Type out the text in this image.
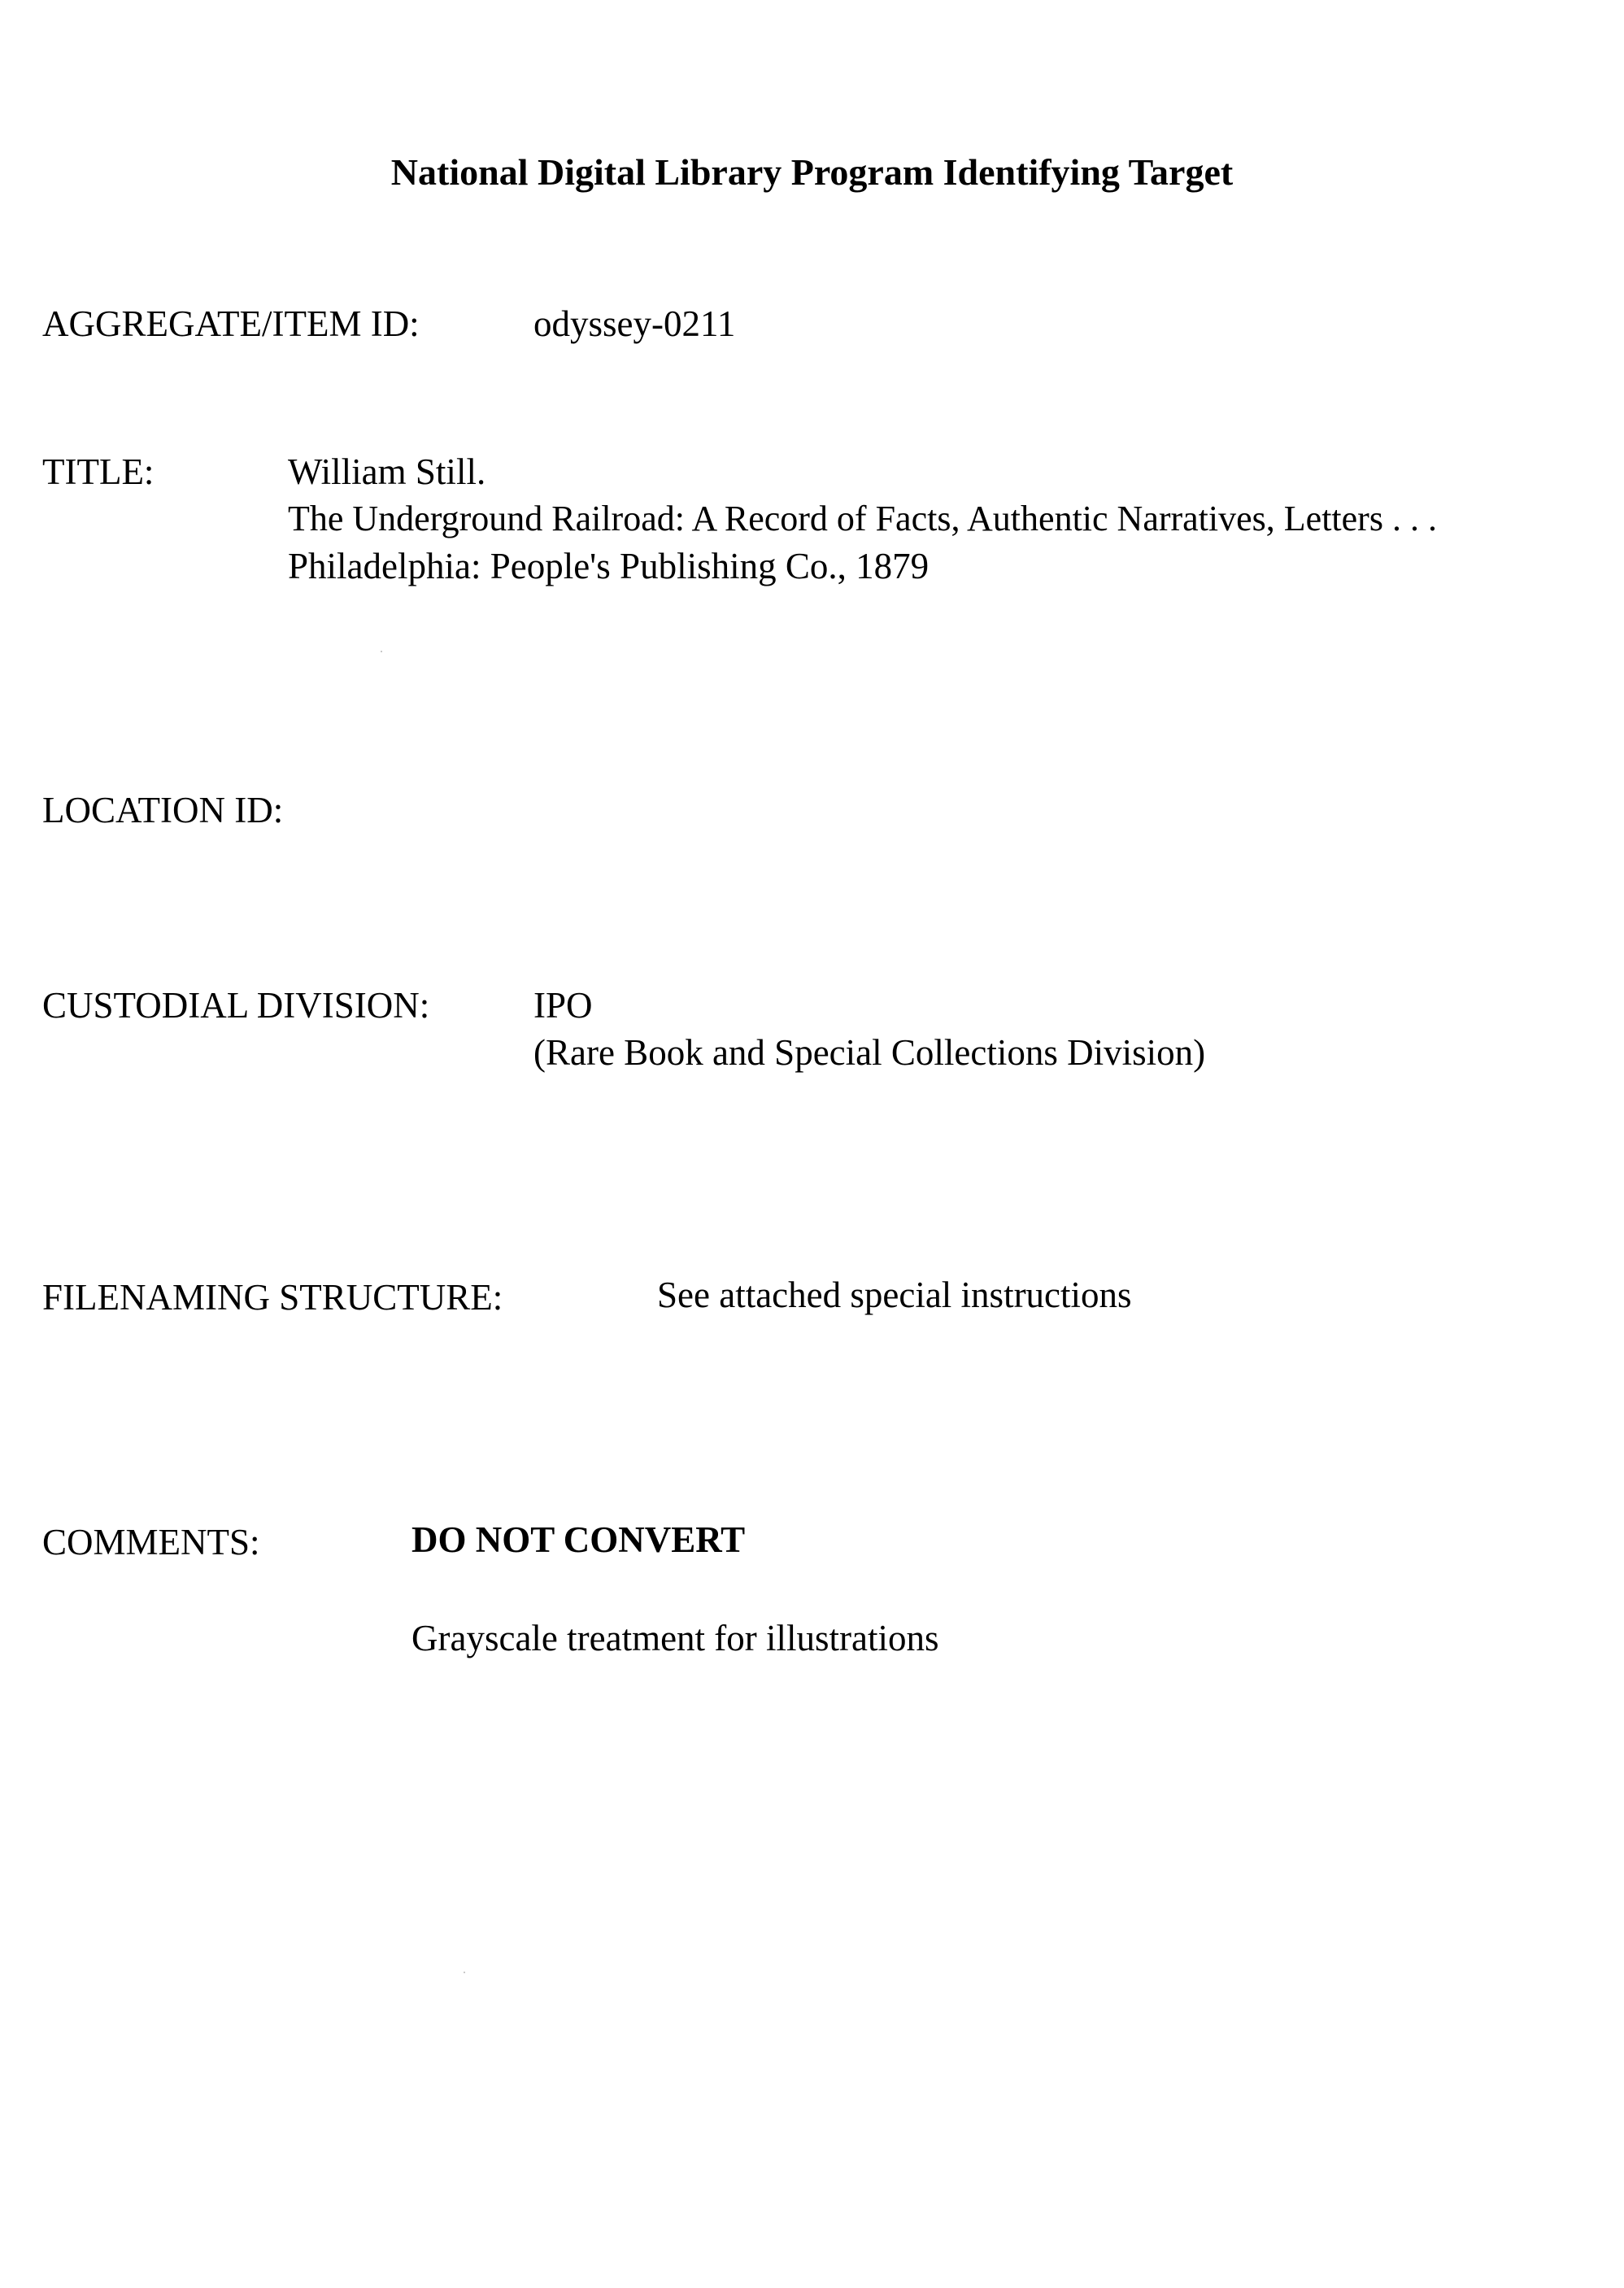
National Digital Library Program Identifying Target
AGGREGATE/ITEM ID:	odyssey-0211
TITLE:	William Still.
The Underground Railroad: A Record of Facts, Authentic Narratives, Letters . . .
Philadelphia: People's Publishing Co., 1879
LOCATION ID:
CUSTODIAL DIVISION:	IPO
(Rare Book and Special Collections Division)
FILENAMING STRUCTURE:	See attached special instructions
COMMENTS:	DO NOT CONVERT
Grayscale treatment for illustrations
